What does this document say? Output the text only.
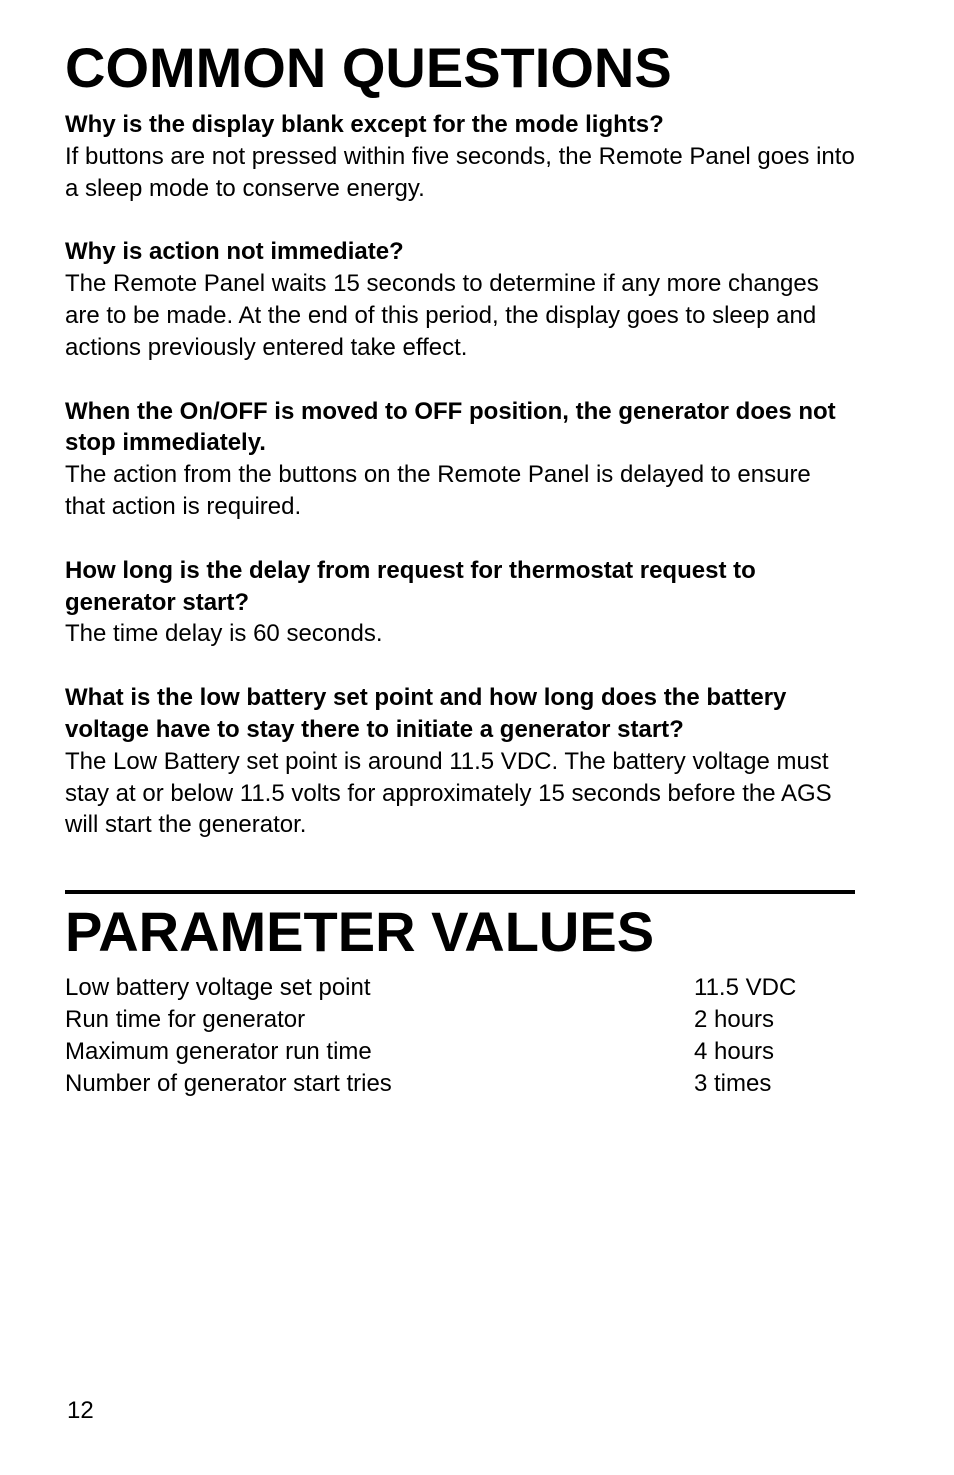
COMMON QUESTIONS

Why is the display blank except for the mode lights?

If buttons are not pressed within five seconds, the Remote Panel goes into a sleep mode to conserve energy.

Why is action not immediate?

The Remote Panel waits 15 seconds to determine if any more changes are to be made. At the end of this period, the display goes to sleep and actions previously entered take effect.

When the On/OFF is moved to OFF position, the generator does not stop immediately.

The action from the buttons on the Remote Panel is delayed to ensure that action is required.

How long is the delay from request for thermostat request to generator start?

The time delay is 60 seconds.

What is the low battery set point and how long does the battery voltage have to stay there to initiate a generator start?

The Low Battery set point is around 11.5 VDC. The battery voltage must stay at or below 11.5 volts for approximately 15 seconds before the AGS will start the generator.

PARAMETER VALUES
Low battery voltage set point	11.5 VDC
Run time for generator	2 hours
Maximum generator run time	4 hours
Number of generator start tries	3 times
12
